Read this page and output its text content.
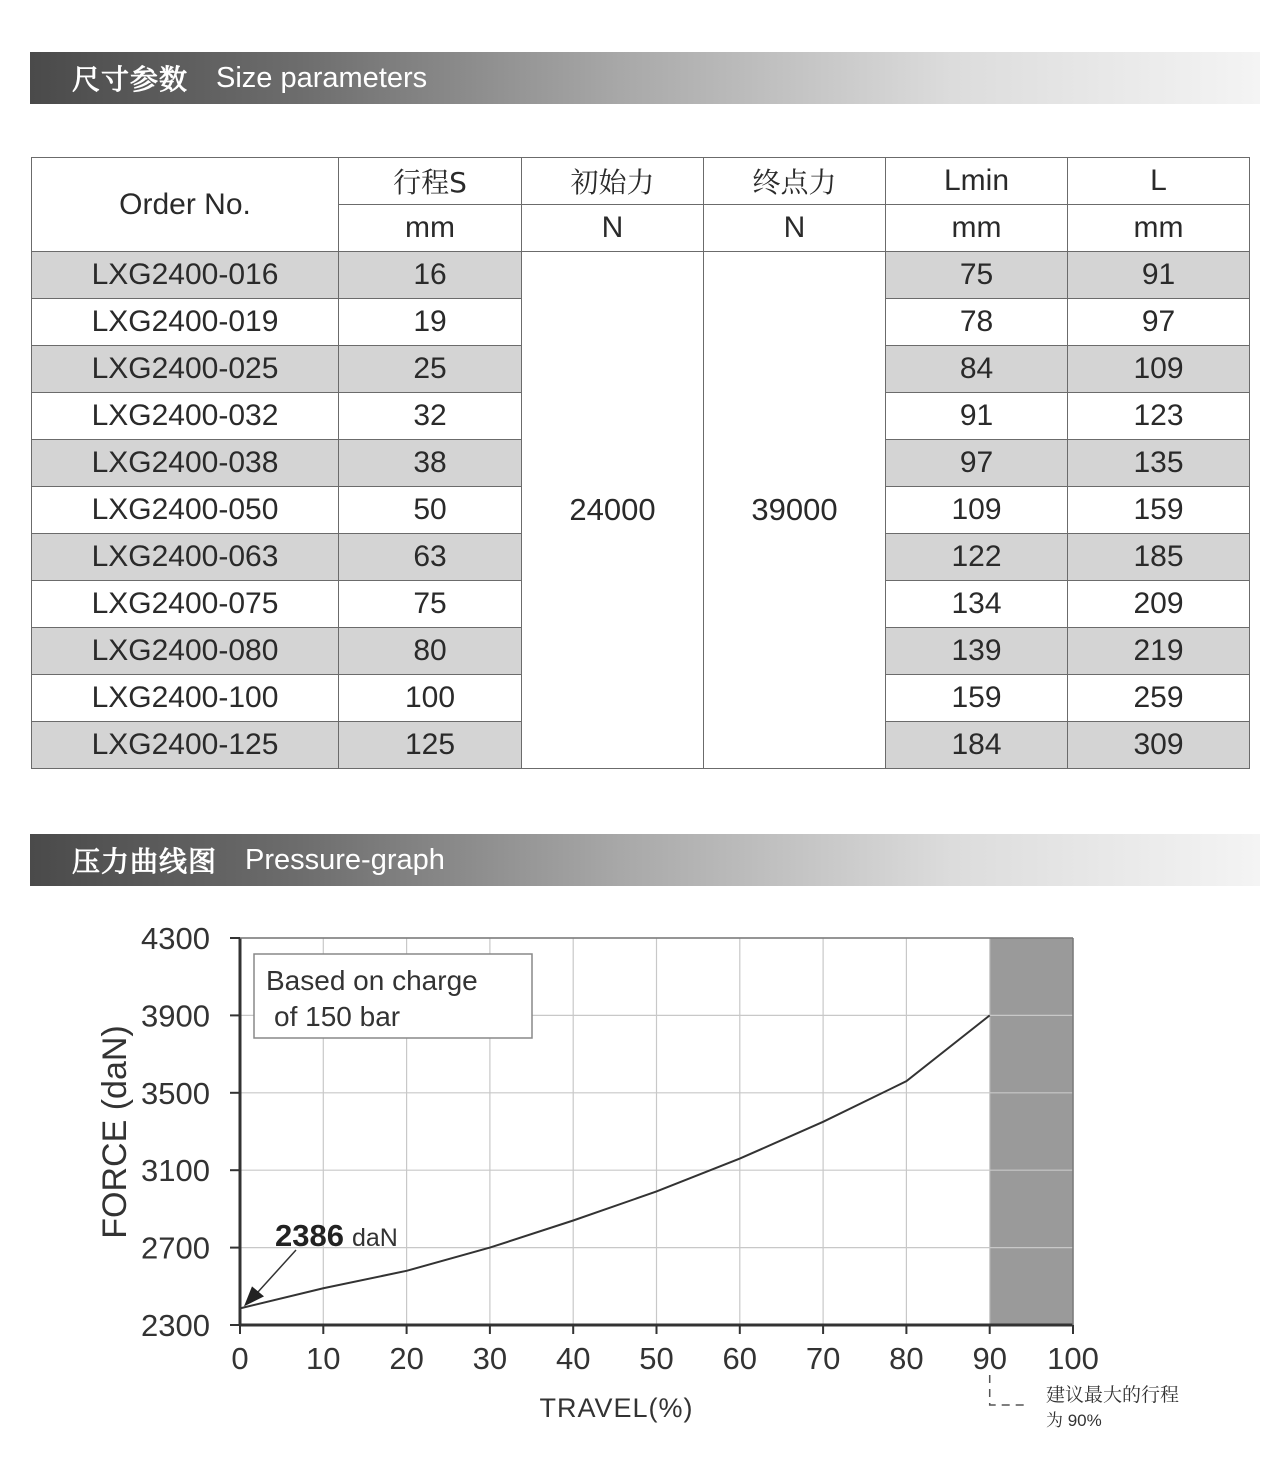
尺寸参数 Size parameters
Order No.	行程S	初始力	终点力	Lmin	L
	mm	N	N	mm	mm
LXG2400-016	16	24000	39000	75	91
LXG2400-019	19			78	97
LXG2400-025	25			84	109
LXG2400-032	32			91	123
LXG2400-038	38			97	135
LXG2400-050	50			109	159
LXG2400-063	63			122	185
LXG2400-075	75			134	209
LXG2400-080	80			139	219
LXG2400-100	100			159	259
LXG2400-125	125			184	309
压力曲线图 Pressure-graph
0 10 20 30 40 50 60 70 80 90 100
2300
2700
3100
3500
3900
4300
TRAVEL(%)
FORCE (daN)
Based on charge
of 150 bar
2386 daN
建议最大的行程
为 90%
